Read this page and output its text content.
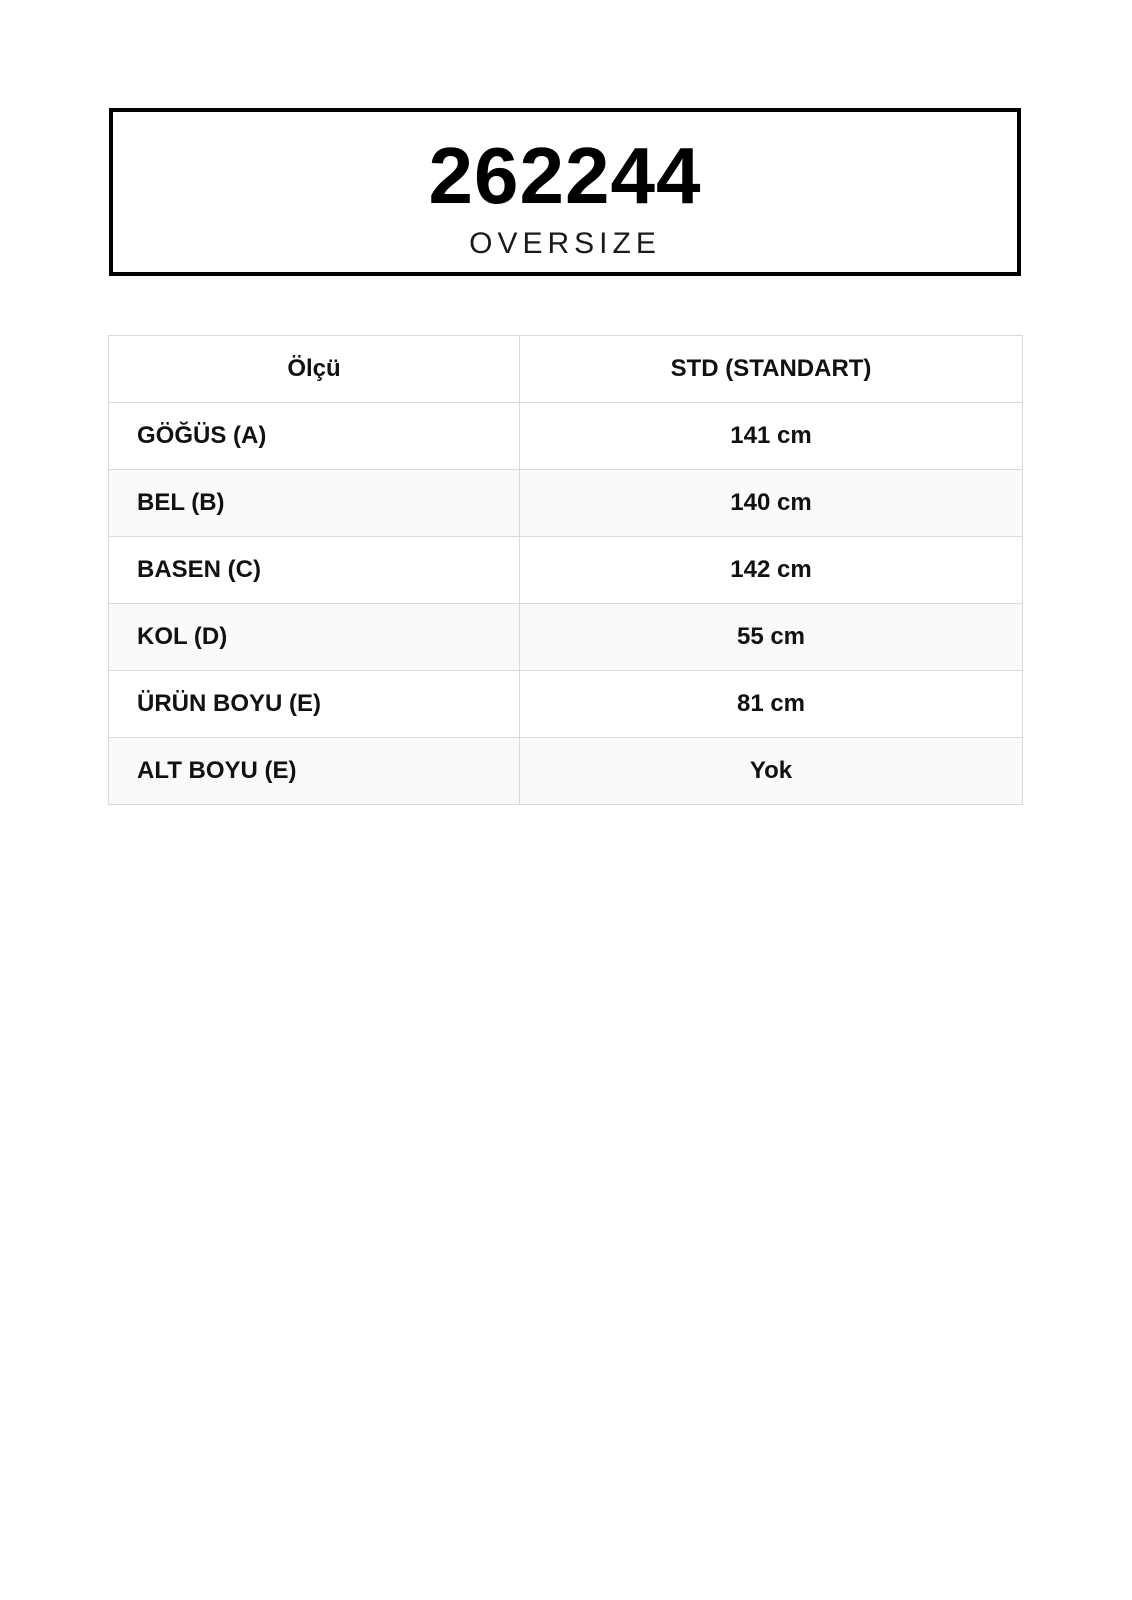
262244
OVERSIZE
Ölçü	STD (STANDART)
GÖĞÜS (A)	141 cm
BEL (B)	140 cm
BASEN (C)	142 cm
KOL (D)	55 cm
ÜRÜN BOYU (E)	81 cm
ALT BOYU (E)	Yok
